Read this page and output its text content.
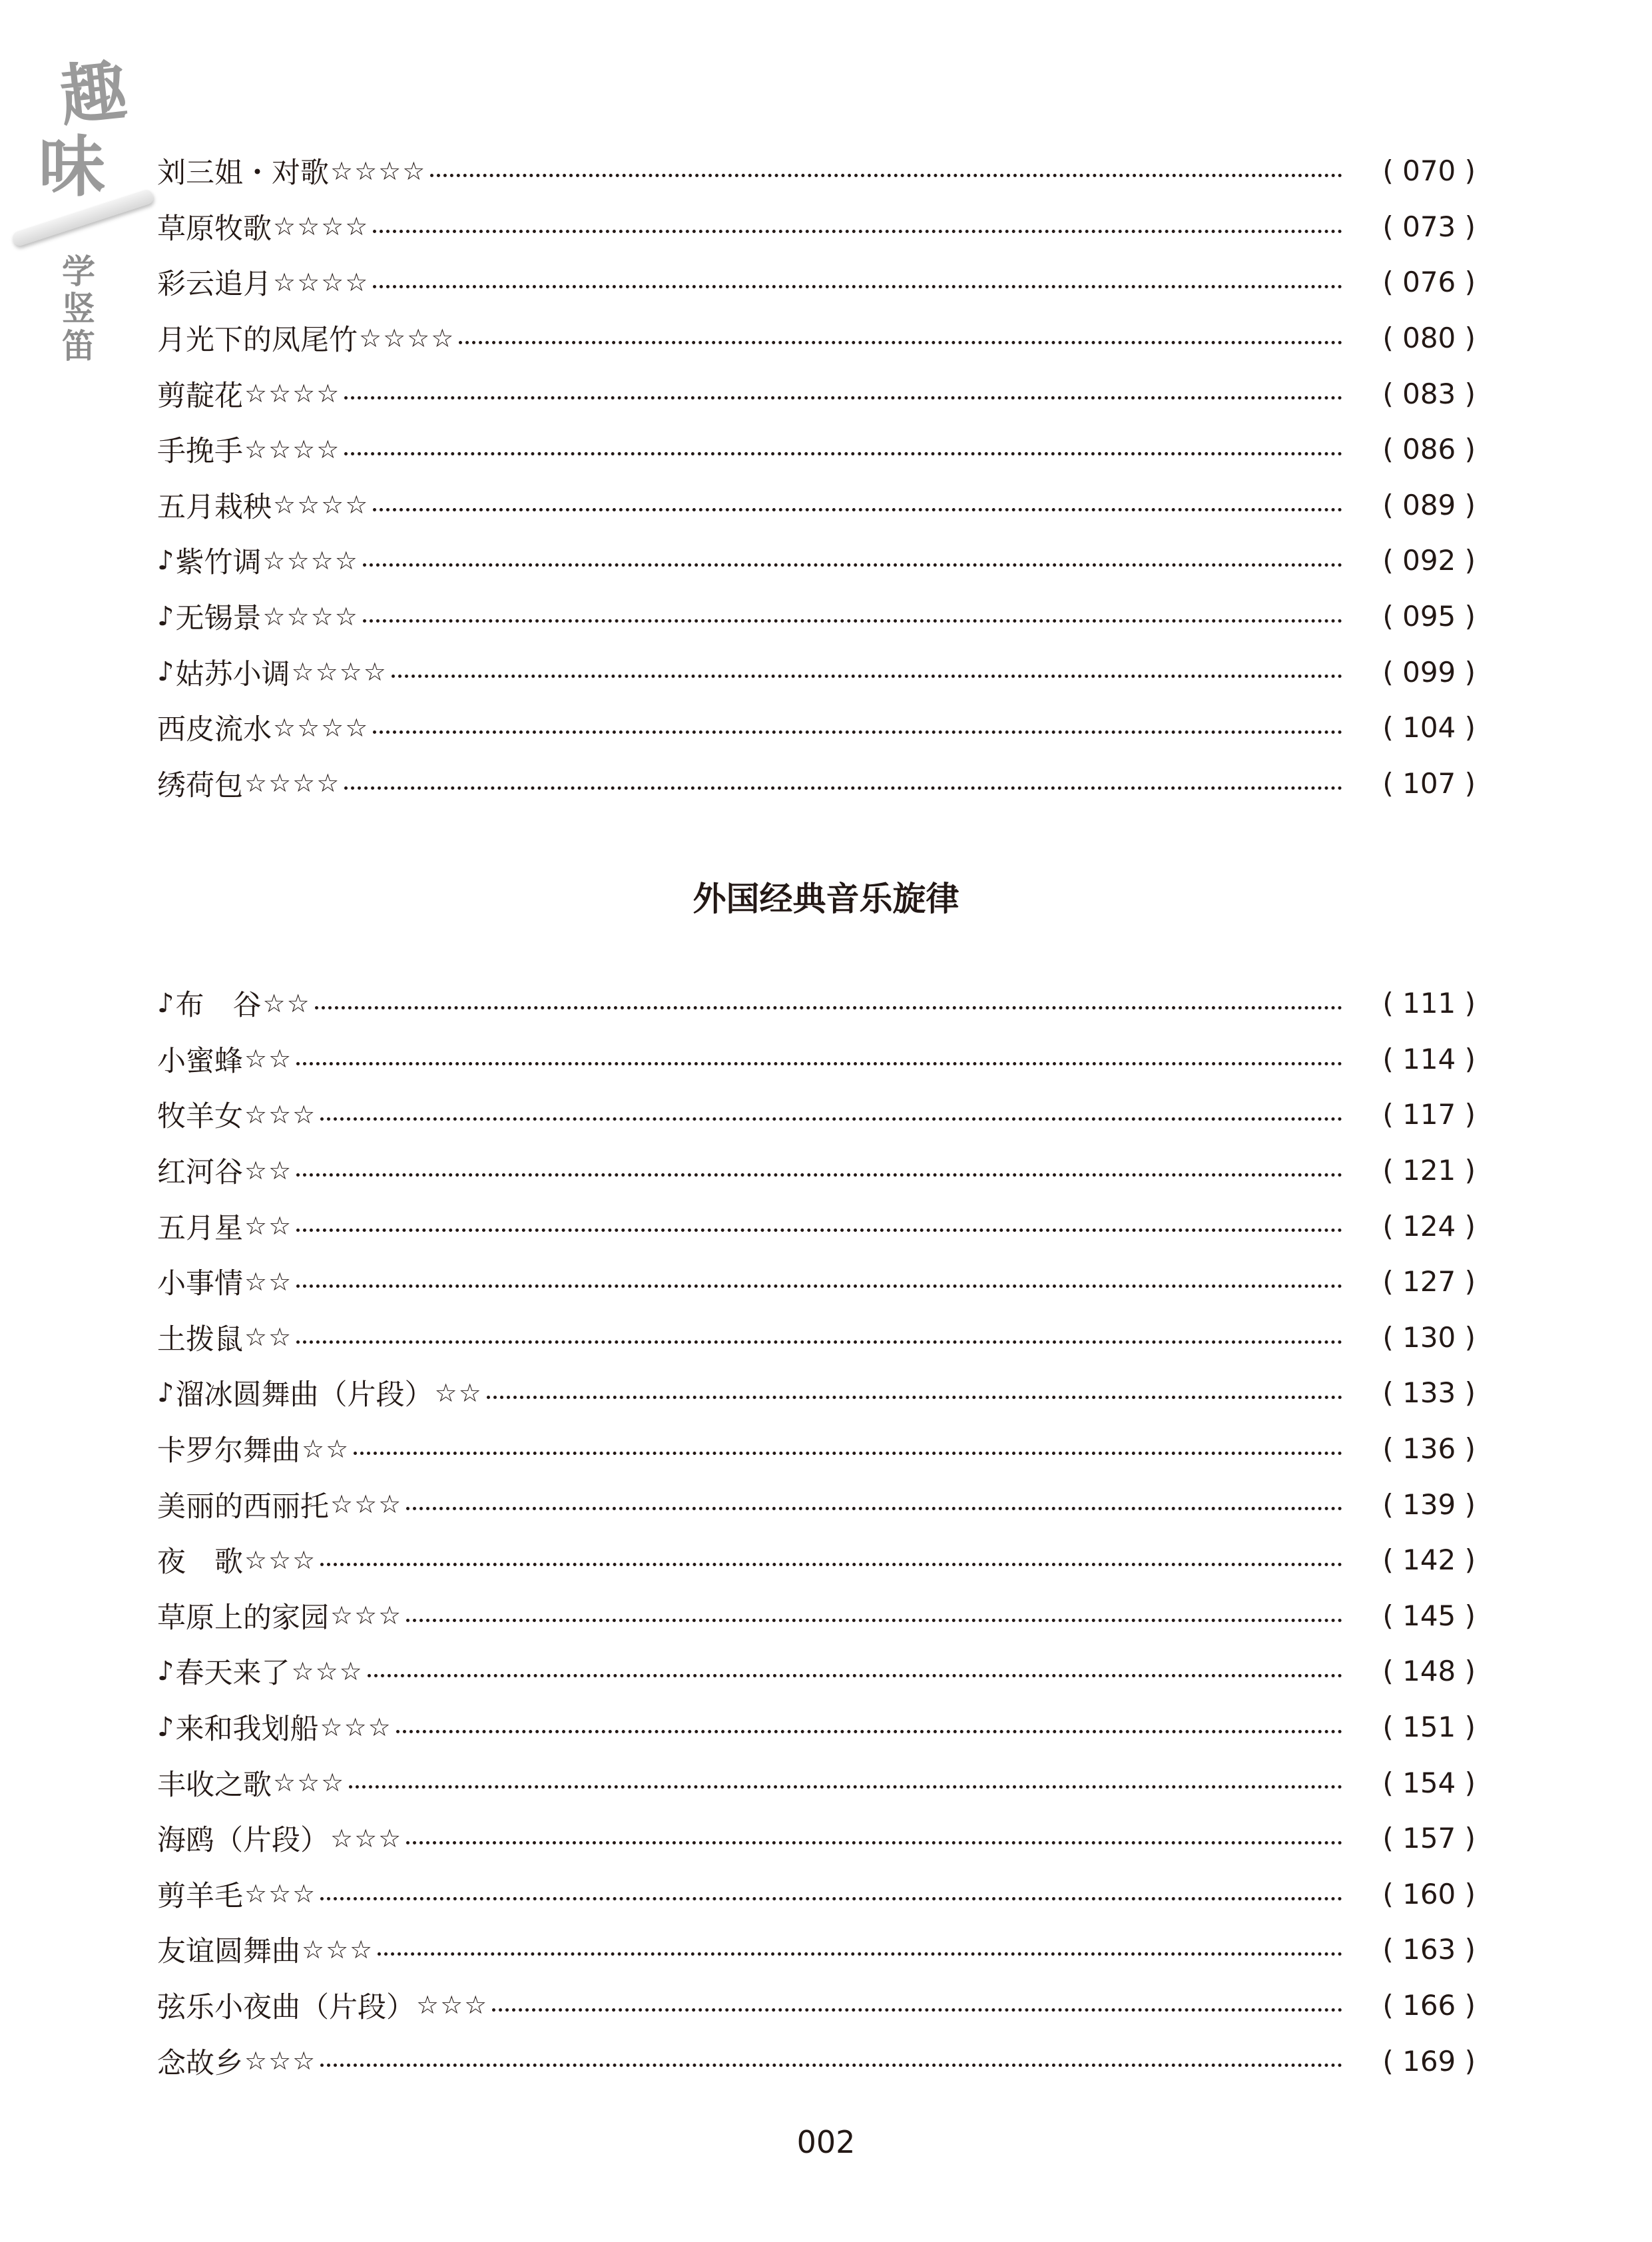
趣
味
学
竖
笛
刘三姐・对歌 ☆☆☆☆	( 070 )
草原牧歌 ☆☆☆☆	( 073 )
彩云追月 ☆☆☆☆	( 076 )
月光下的凤尾竹 ☆☆☆☆	( 080 )
剪靛花 ☆☆☆☆	( 083 )
手挽手 ☆☆☆☆	( 086 )
五月栽秧 ☆☆☆☆	( 089 )
♪ 紫竹调 ☆☆☆☆	( 092 )
♪ 无锡景 ☆☆☆☆	( 095 )
♪ 姑苏小调 ☆☆☆☆	( 099 )
西皮流水 ☆☆☆☆	( 104 )
绣荷包 ☆☆☆☆	( 107 )
外国经典音乐旋律
♪ 布　谷 ☆☆	( 111 )
小蜜蜂 ☆☆	( 114 )
牧羊女 ☆☆☆	( 117 )
红河谷 ☆☆	( 121 )
五月星 ☆☆	( 124 )
小事情 ☆☆	( 127 )
土拨鼠 ☆☆	( 130 )
♪ 溜冰圆舞曲（片段） ☆☆	( 133 )
卡罗尔舞曲 ☆☆	( 136 )
美丽的西丽托 ☆☆☆	( 139 )
夜　歌 ☆☆☆	( 142 )
草原上的家园 ☆☆☆	( 145 )
♪ 春天来了 ☆☆☆	( 148 )
♪ 来和我划船 ☆☆☆	( 151 )
丰收之歌 ☆☆☆	( 154 )
海鸥（片段） ☆☆☆	( 157 )
剪羊毛 ☆☆☆	( 160 )
友谊圆舞曲 ☆☆☆	( 163 )
弦乐小夜曲（片段） ☆☆☆	( 166 )
念故乡 ☆☆☆	( 169 )
002
